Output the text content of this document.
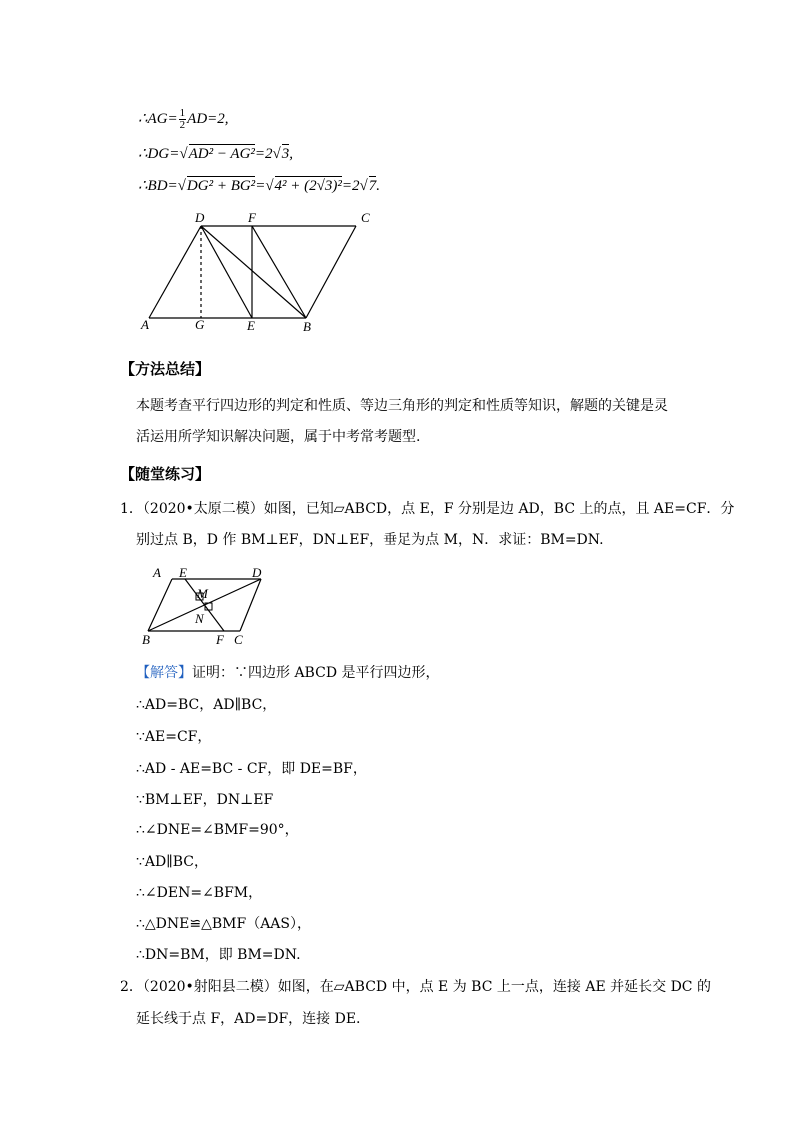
∴AG= $\frac{1}{2} AD=2$,
∴DG=√AD² − AG²=2√3,
∴BD=√DG² + BG²=√4² + (2√3)²=2√7.
D	F	C
A	G	E	B
【方法总结】
本题考查平行四边形的判定和性质、等边三角形的判定和性质等知识，解题的关键是灵
活运用所学知识解决问题，属于中考常考题型.
【随堂练习】
1．（2020•太原二模）如图，已知▱ABCD，点 E，F 分别是边 AD，BC 上的点，且 AE=CF．分
别过点 B，D 作 BM⊥EF，DN⊥EF，垂足为点 M，N．求证：BM=DN.
A E	D
M
N
B	F C
【解答】证明：∵四边形 ABCD 是平行四边形，
∴AD=BC，AD∥BC，
∵AE=CF，
∴AD - AE=BC - CF，即 DE=BF，
∵BM⊥EF，DN⊥EF
∴∠DNE=∠BMF=90°，
∵AD∥BC，
∴∠DEN=∠BFM，
∴△DNE≌△BMF（AAS），
∴DN=BM，即 BM=DN.
2．（2020•射阳县二模）如图，在▱ABCD 中，点 E 为 BC 上一点，连接 AE 并延长交 DC 的
延长线于点 F，AD=DF，连接 DE.
